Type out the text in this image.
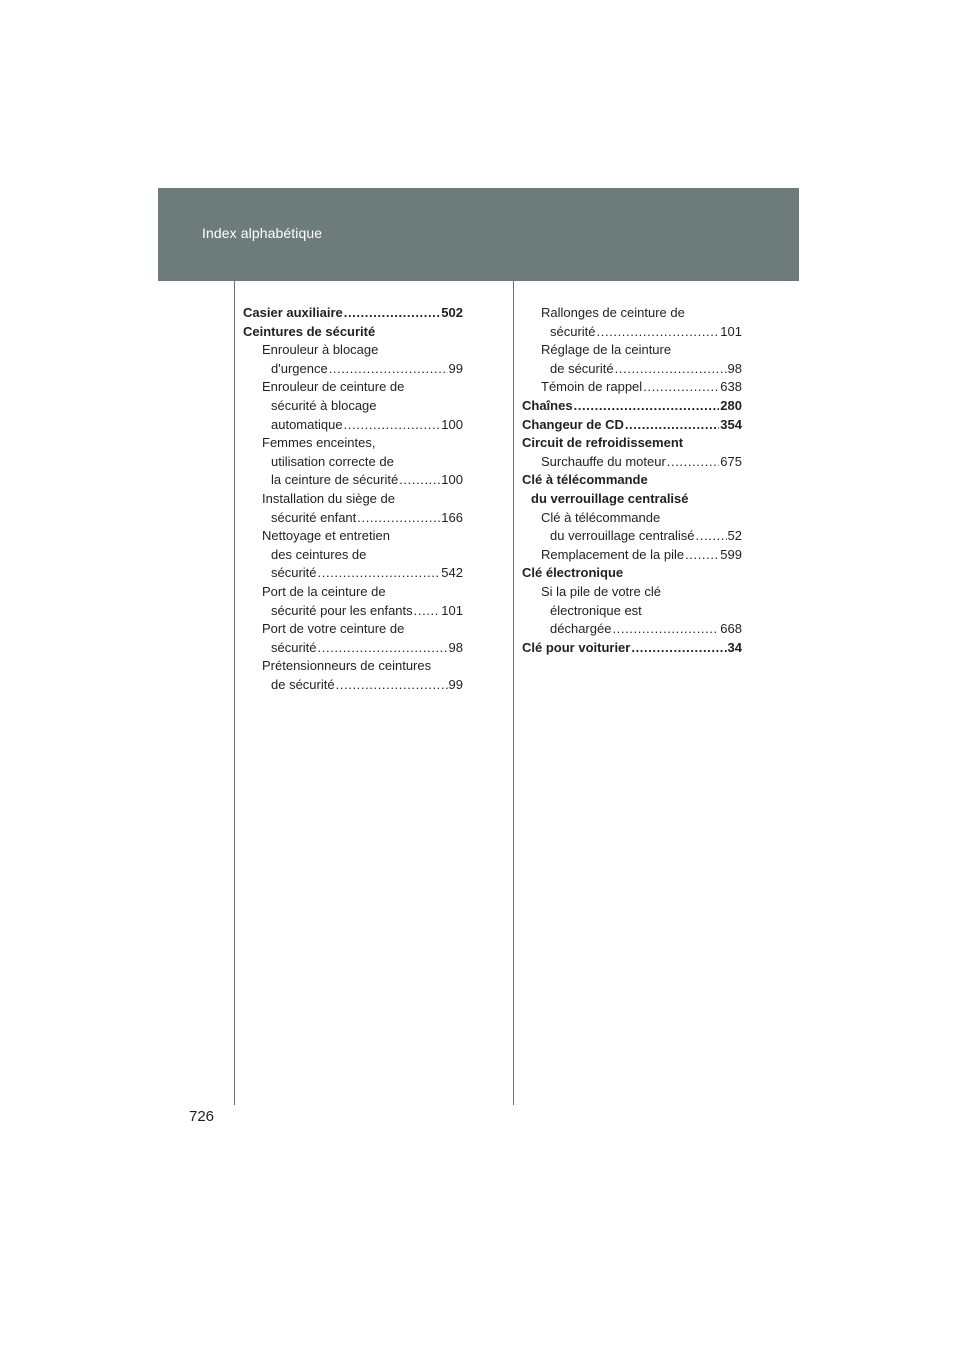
Index alphabétique
Casier auxiliaire .....	502
Ceintures de sécurité
Enrouleur à blocage
d'urgence .....	99
Enrouleur de ceinture de
sécurité à blocage
automatique .....	100
Femmes enceintes,
utilisation correcte de
la ceinture de sécurité .....	100
Installation du siège de
sécurité enfant .....	166
Nettoyage et entretien
des ceintures de
sécurité .....	542
Port de la ceinture de
sécurité pour les enfants ..... 101
Port de votre ceinture de
sécurité .....	98
Prétensionneurs de ceintures
de sécurité .....	99
Rallonges de ceinture de
sécurité .....	101
Réglage de la ceinture
de sécurité .....	98
Témoin de rappel .....	638
Chaînes .....	280
Changeur de CD .....	354
Circuit de refroidissement
Surchauffe du moteur .....	675
Clé à télécommande
du verrouillage centralisé
Clé à télécommande
du verrouillage centralisé .....	52
Remplacement de la pile .....	599
Clé électronique
Si la pile de votre clé
électronique est
déchargée .....	668
Clé pour voiturier .....	34
726
